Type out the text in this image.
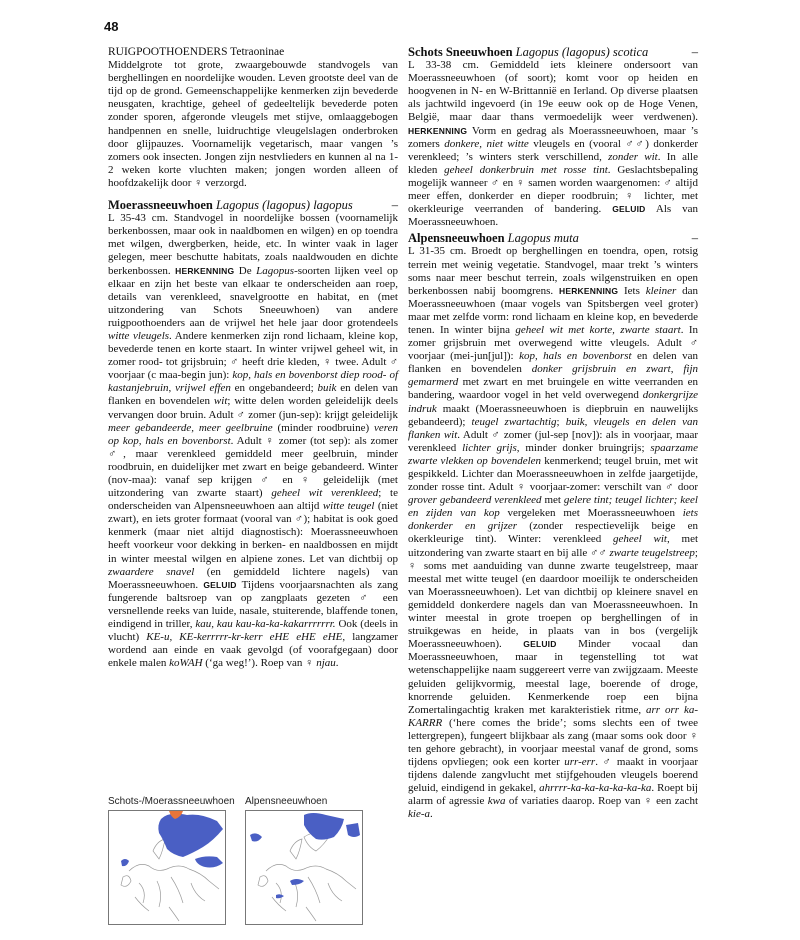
48

RUIGPOOTHOENDERS Tetraoninae

Middelgrote tot grote, zwaargebouwde standvogels van berghellingen en noordelijke wouden. Leven grootste deel van de tijd op de grond. Gemeenschappelijke kenmerken zijn bevederde neusgaten, krachtige, geheel of gedeeltelijk bevederde poten zonder sporen, afgeronde vleugels met stijve, omlaaggebogen handpennen en snelle, luidruchtige vleugelslagen onderbroken door glijpauzes. Voornamelijk vegetarisch, maar vangen ’s zomers ook insecten. Jongen zijn nestvlieders en kunnen al na 1-2 weken korte vluchten maken; jongen worden alleen of hoofdzakelijk door ♀ verzorgd.

Moerassneeuwhoen Lagopus (lagopus) lagopus	–

L 35-43 cm. Standvogel in noordelijke bossen (voornamelijk berkenbossen, maar ook in naaldbomen en wilgen) en op toendra met wilgen, dwergberken, heide, etc. In winter vaak in lager gelegen, meer beschutte habitats, zoals naaldwouden en dichte berkenbossen. HERKENNING De Lagopus-soorten lijken veel op elkaar en zijn het beste van elkaar te onderscheiden aan roep, details van verenkleed, snavelgrootte en habitat, en (met uitzondering van Schots Sneeuwhoen) van andere ruigpoothoenders aan de vrijwel het hele jaar door grotendeels witte vleugels. Andere kenmerken zijn rond lichaam, kleine kop, bevederde tenen en korte staart. In winter vrijwel geheel wit, in zomer rood- tot grijsbruin; ♂ heeft drie kleden, ♀ twee. Adult ♂ voorjaar (c maa-begin jun): kop, hals en bovenborst diep rood- of kastanjebruin, vrijwel effen en ongebandeerd; buik en delen van flanken en bovendelen wit; witte delen worden geleidelijk deels vervangen door bruin. Adult ♂ zomer (jun-sep): krijgt geleidelijk meer gebandeerde, meer geelbruine (minder roodbruine) veren op kop, hals en bovenborst. Adult ♀ zomer (tot sep): als zomer ♂, maar verenkleed gemiddeld meer geelbruin, minder roodbruin, en duidelijker met zwart en beige gebandeerd. Winter (nov-maa): vanaf sep krijgen ♂ en ♀ geleidelijk (met uitzondering van zwarte staart) geheel wit verenkleed; te onderscheiden van Alpensneeuwhoen aan altijd witte teugel (niet zwart), en iets groter formaat (vooral van ♂); habitat is ook goed kenmerk (maar niet altijd diagnostisch): Moerassneeuwhoen heeft voorkeur voor dekking in berken- en naaldbossen en mijdt in winter meestal wilgen en alpiene zones. Let van dichtbij op zwaardere snavel (en gemiddeld lichtere nagels) van Moerassneeuwhoen. GELUID Tijdens voorjaarsnachten als zang fungerende baltsroep van op zangplaats gezeten ♂ een versnellende reeks van luide, nasale, stuiterende, blaffende tonen, eindigend in triller, kau, kau kau-ka-ka-kakarrrrrrr. Ook (deels in vlucht) KE-u, KE-kerrrrr-kr-kerr eHE eHE eHE, langzamer wordend aan einde en vaak gevolgd (of voorafgegaan) door enkele malen koWAH (‘ga weg!’). Roep van ♀ njau.

Schots Sneeuwhoen Lagopus (lagopus) scotica	–

L 33-38 cm. Gemiddeld iets kleinere ondersoort van Moerassneeuwhoen (of soort); komt voor op heiden en hoogvenen in N- en W-Brittannië en Ierland. Op diverse plaatsen als jachtwild ingevoerd (in 19e eeuw ook op de Hoge Venen, België, maar daar thans vermoedelijk weer verdwenen). HERKENNING Vorm en gedrag als Moerassneeuwhoen, maar ’s zomers donkere, niet witte vleugels en (vooral ♂♂) donkerder verenkleed; ’s winters sterk verschillend, zonder wit. In alle kleden geheel donkerbruin met rosse tint. Geslachtsbepaling mogelijk wanneer ♂ en ♀ samen worden waargenomen: ♂ altijd meer effen, donkerder en dieper roodbruin; ♀ lichter, met okerkleurige veerranden of bandering. GELUID Als van Moerassneeuwhoen.

Alpensneeuwhoen Lagopus muta	–

L 31-35 cm. Broedt op berghellingen en toendra, open, rotsig terrein met weinig vegetatie. Standvogel, maar trekt ’s winters soms naar meer beschut terrein, zoals wilgenstruiken en open berkenbossen nabij boomgrens. HERKENNING Iets kleiner dan Moerassneeuwhoen (maar vogels van Spitsbergen veel groter) maar met zelfde vorm: rond lichaam en kleine kop, en bevederde tenen. In winter bijna geheel wit met korte, zwarte staart. In zomer grijsbruin met overwegend witte vleugels. Adult ♂ voorjaar (mei-jun[jul]): kop, hals en bovenborst en delen van flanken en bovendelen donker grijsbruin en zwart, fijn gemarmerd met zwart en met bruingele en witte veerranden en bandering, waardoor vogel in het veld overwegend donkergrijze indruk maakt (Moerassneeuwhoen is diepbruin en nauwelijks gebandeerd); teugel zwartachtig; buik, vleugels en delen van flanken wit. Adult ♂ zomer (jul-sep [nov]): als in voorjaar, maar verenkleed lichter grijs, minder donker bruingrijs; spaarzame zwarte vlekken op bovendelen kenmerkend; teugel bruin, met wit gespikkeld. Lichter dan Moerassneeuwhoen in zelfde jaargetijde, zonder rosse tint. Adult ♀ voorjaar-zomer: verschilt van ♂ door grover gebandeerd verenkleed met gelere tint; teugel lichter; keel en zijden van kop vergeleken met Moerassneeuwhoen iets donkerder en grijzer (zonder respectievelijk beige en okerkleurige tint). Winter: verenkleed geheel wit, met uitzondering van zwarte staart en bij alle ♂♂ zwarte teugelstreep; ♀ soms met aanduiding van dunne zwarte teugelstreep, maar meestal met witte teugel (en daardoor moeilijk te onderscheiden van Moerassneeuwhoen). Let van dichtbij op kleinere snavel en gemiddeld donkerdere nagels dan van Moerassneeuwhoen. In winter meestal in grote troepen op berghellingen of in struikgewas en heide, in plaats van in bos (vergelijk Moerassneeuwhoen). GELUID Minder vocaal dan Moerassneeuwhoen, maar in tegenstelling tot wat wetenschappelijke naam suggereert verre van zwijgzaam. Meeste geluiden gelijkvormig, meestal lage, boerende of droge, knorrende geluiden. Kenmerkende roep een bijna Zomertalingachtig kraken met karakteristiek ritme, arr orr ka-KARRR (‘here comes the bride’; soms slechts een of twee lettergrepen), fungeert blijkbaar als zang (maar soms ook door ♀ ten gehore gebracht), in voorjaar meestal vanaf de grond, soms tijdens opvliegen; ook een korter urr-err. ♂ maakt in voorjaar tijdens dalende zangvlucht met stijfgehouden vleugels boerend geluid, eindigend in gekakel, ahrrrr-ka-ka-ka-ka-ka-ka. Roept bij alarm of agressie kwa of variaties daarop. Roep van ♀ een zacht kie-a.

Schots-/Moerassneeuwhoen Alpensneeuwhoen
